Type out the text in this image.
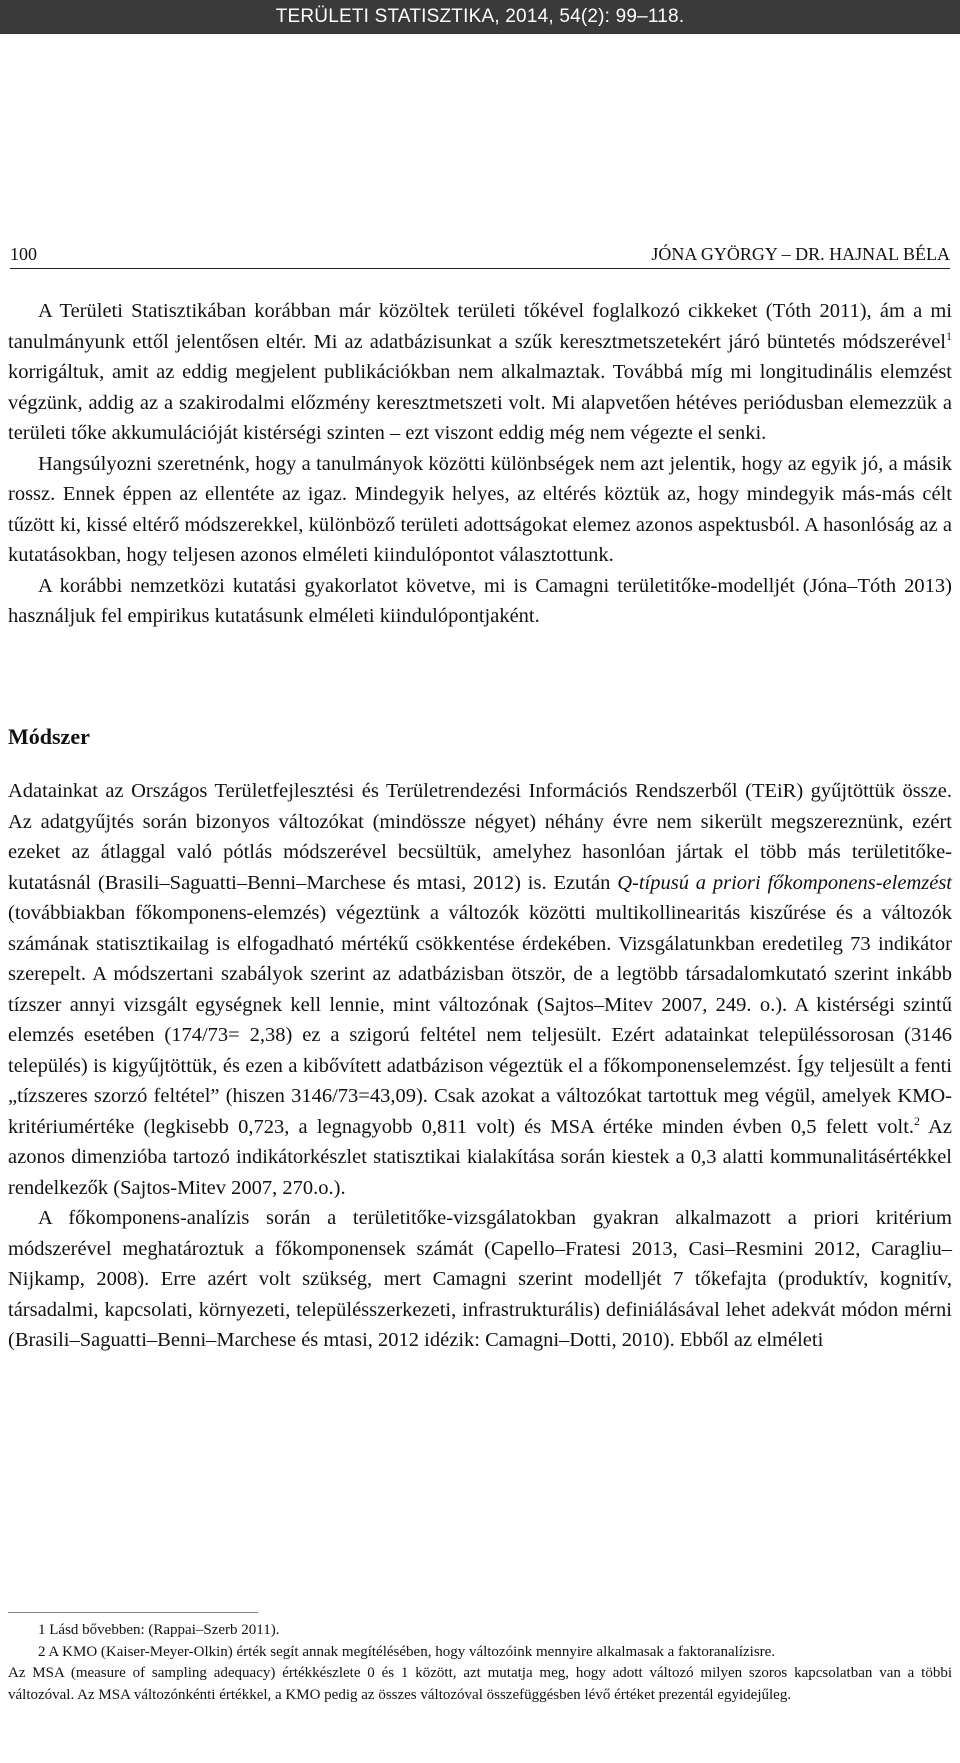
TERÜLETI STATISZTIKA, 2014, 54(2): 99–118.
100	JÓNA GYÖRGY – DR. HAJNAL BÉLA

A Területi Statisztikában korábban már közöltek területi tőkével foglalkozó cikkeket (Tóth 2011), ám a mi tanulmányunk ettől jelentősen eltér. Mi az adatbázisunkat a szűk keresztmetszetekért járó büntetés módszerével$^1$ korrigáltuk, amit az eddig megjelent publikációkban nem alkalmaztak. Továbbá míg mi longitudinális elemzést végzünk, addig az a szakirodalmi előzmény keresztmetszeti volt. Mi alapvetően hétéves periódusban elemezzük a területi tőke akkumulációját kistérségi szinten – ezt viszont eddig még nem végezte el senki.

Hangsúlyozni szeretnénk, hogy a tanulmányok közötti különbségek nem azt jelentik, hogy az egyik jó, a másik rossz. Ennek éppen az ellentéte az igaz. Mindegyik helyes, az eltérés köztük az, hogy mindegyik más-más célt tűzött ki, kissé eltérő módszerekkel, különböző területi adottságokat elemez azonos aspektusból. A hasonlóság az a kutatásokban, hogy teljesen azonos elméleti kiindulópontot választottunk.

A korábbi nemzetközi kutatási gyakorlatot követve, mi is Camagni területitőke-modelljét (Jóna–Tóth 2013) használjuk fel empirikus kutatásunk elméleti kiindulópontjaként.

Módszer

Adatainkat az Országos Területfejlesztési és Területrendezési Információs Rendszerből (TEiR) gyűjtöttük össze. Az adatgyűjtés során bizonyos változókat (mindössze négyet) néhány évre nem sikerült megszereznünk, ezért ezeket az átlaggal való pótlás módszerével becsültük, amelyhez hasonlóan jártak el több más területitőke-kutatásnál (Brasili–Saguatti–Benni–Marchese és mtasi, 2012) is. Ezután Q-típusú a priori főkomponens-elemzést (továbbiakban főkomponens-elemzés) végeztünk a változók közötti multikollinearitás kiszűrése és a változók számának statisztikailag is elfogadható mértékű csökkentése érdekében. Vizsgálatunkban eredetileg 73 indikátor szerepelt. A módszertani szabályok szerint az adatbázisban ötször, de a legtöbb társadalomkutató szerint inkább tízszer annyi vizsgált egységnek kell lennie, mint változónak (Sajtos–Mitev 2007, 249. o.). A kistérségi szintű elemzés esetében (174/73= 2,38) ez a szigorú feltétel nem teljesült. Ezért adatainkat településsorosan (3146 település) is kigyűjtöttük, és ezen a kibővített adatbázison végeztük el a főkomponenselemzést. Így teljesült a fenti „tízszeres szorzó feltétel” (hiszen 3146/73=43,09). Csak azokat a változókat tartottuk meg végül, amelyek KMO-kritériumértéke (legkisebb 0,723, a legnagyobb 0,811 volt) és MSA értéke minden évben 0,5 felett volt.$^2$ Az azonos dimenzióba tartozó indikátorkészlet statisztikai kialakítása során kiestek a 0,3 alatti kommunalitásértékkel rendelkezők (Sajtos-Mitev 2007, 270.o.).

A főkomponens-analízis során a területitőke-vizsgálatokban gyakran alkalmazott a priori kritérium módszerével meghatároztuk a főkomponensek számát (Capello–Fratesi 2013, Casi–Resmini 2012, Caragliu–Nijkamp, 2008). Erre azért volt szükség, mert Camagni szerint modelljét 7 tőkefajta (produktív, kognitív, társadalmi, kapcsolati, környezeti, településszerkezeti, infrastrukturális) definiálásával lehet adekvát módon mérni (Brasili–Saguatti–Benni–Marchese és mtasi, 2012 idézik: Camagni–Dotti, 2010). Ebből az elméleti

1 Lásd bővebben: (Rappai–Szerb 2011).

2 A KMO (Kaiser-Meyer-Olkin) érték segít annak megítélésében, hogy változóink mennyire alkalmasak a faktoranalízisre.

Az MSA (measure of sampling adequacy) értékkészlete 0 és 1 között, azt mutatja meg, hogy adott változó milyen szoros kapcsolatban van a többi változóval. Az MSA változónkénti értékkel, a KMO pedig az összes változóval összefüggésben lévő értéket prezentál egyidejűleg.
